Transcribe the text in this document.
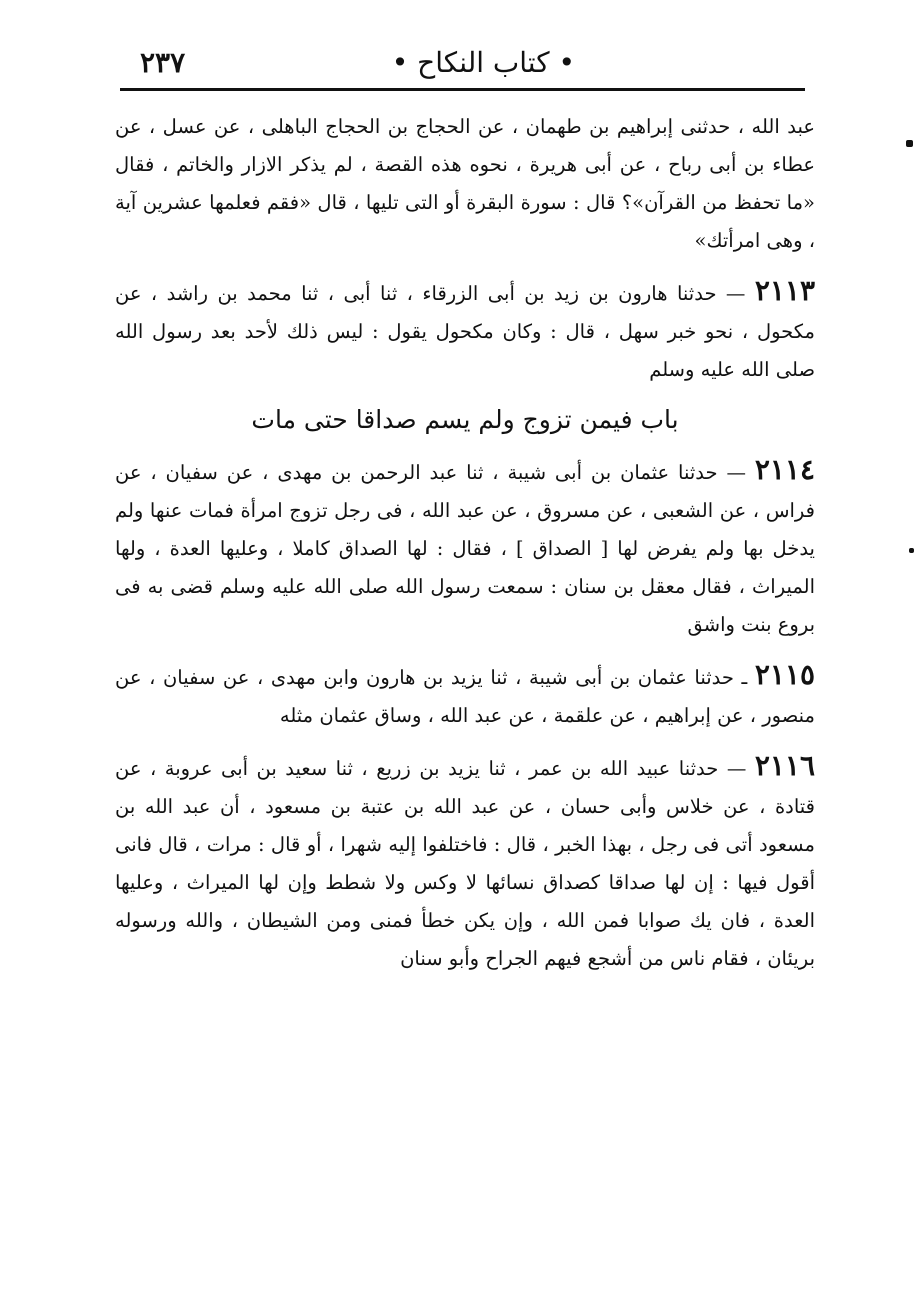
• كتاب النكاح •
٢٣٧

عبد الله ، حدثنى إبراهيم بن طهمان ، عن الحجاج بن الحجاج الباهلى ، عن عسل ، عن عطاء بن أبى رباح ، عن أبى هريرة ، نحوه هذه القصة ، لم يذكر الازار والخاتم ، فقال «ما تحفظ من القرآن»؟ قال : سورة البقرة أو التى تليها ، قال «فقم فعلمها عشرين آية ، وهى امرأتك»

٢١١٣ — حدثنا هارون بن زيد بن أبى الزرقاء ، ثنا أبى ، ثنا محمد بن راشد ، عن مكحول ، نحو خبر سهل ، قال : وكان مكحول يقول : ليس ذلك لأحد بعد رسول الله صلى الله عليه وسلم

باب فيمن تزوج ولم يسم صداقا حتى مات

٢١١٤ — حدثنا عثمان بن أبى شيبة ، ثنا عبد الرحمن بن مهدى ، عن سفيان ، عن فراس ، عن الشعبى ، عن مسروق ، عن عبد الله ، فى رجل تزوج امرأة فمات عنها ولم يدخل بها ولم يفرض لها [ الصداق ] ، فقال : لها الصداق كاملا ، وعليها العدة ، ولها الميراث ، فقال معقل بن سنان : سمعت رسول الله صلى الله عليه وسلم قضى به فى بروع بنت واشق

٢١١٥ ـ حدثنا عثمان بن أبى شيبة ، ثنا يزيد بن هارون وابن مهدى ، عن سفيان ، عن منصور ، عن إبراهيم ، عن علقمة ، عن عبد الله ، وساق عثمان مثله

٢١١٦ — حدثنا عبيد الله بن عمر ، ثنا يزيد بن زريع ، ثنا سعيد بن أبى عروبة ، عن قتادة ، عن خلاس وأبى حسان ، عن عبد الله بن عتبة بن مسعود ، أن عبد الله بن مسعود أتى فى رجل ، بهذا الخبر ، قال : فاختلفوا إليه شهرا ، أو قال : مرات ، قال فانى أقول فيها : إن لها صداقا كصداق نسائها لا وكس ولا شطط وإن لها الميراث ، وعليها العدة ، فان يك صوابا فمن الله ، وإن يكن خطأ فمنى ومن الشيطان ، والله ورسوله بريئان ، فقام ناس من أشجع فيهم الجراح وأبو سنان
